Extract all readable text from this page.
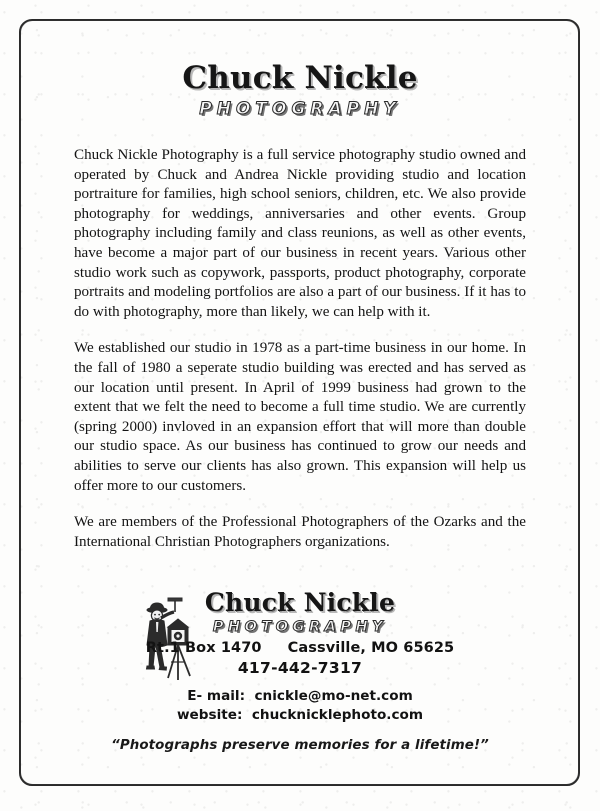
Chuck Nickle
PHOTOGRAPHY

Chuck Nickle Photography is a full service photography studio owned and operated by Chuck and Andrea Nickle providing studio and location portraiture for families, high school seniors, children, etc. We also provide photography for weddings, anniversaries and other events. Group photography including family and class reunions, as well as other events, have become a major part of our business in recent years. Various other studio work such as copywork, passports, product photography, corporate portraits and modeling portfolios are also a part of our business. If it has to do with photography, more than likely, we can help with it.

We established our studio in 1978 as a part-time business in our home. In the fall of 1980 a seperate studio building was erected and has served as our location until present. In April of 1999 business had grown to the extent that we felt the need to become a full time studio. We are currently (spring 2000) invloved in an expansion effort that will more than double our studio space. As our business has continued to grow our needs and abilities to serve our clients has also grown. This expansion will help us offer more to our customers.

We are members of the Professional Photographers of the Ozarks and the International Christian Photographers organizations.

Chuck Nickle
PHOTOGRAPHY
Rt.1 Box 1470 Cassville, MO 65625
417-442-7317
E- mail: cnickle@mo-net.com
website: chucknicklephoto.com
“Photographs preserve memories for a lifetime!”
